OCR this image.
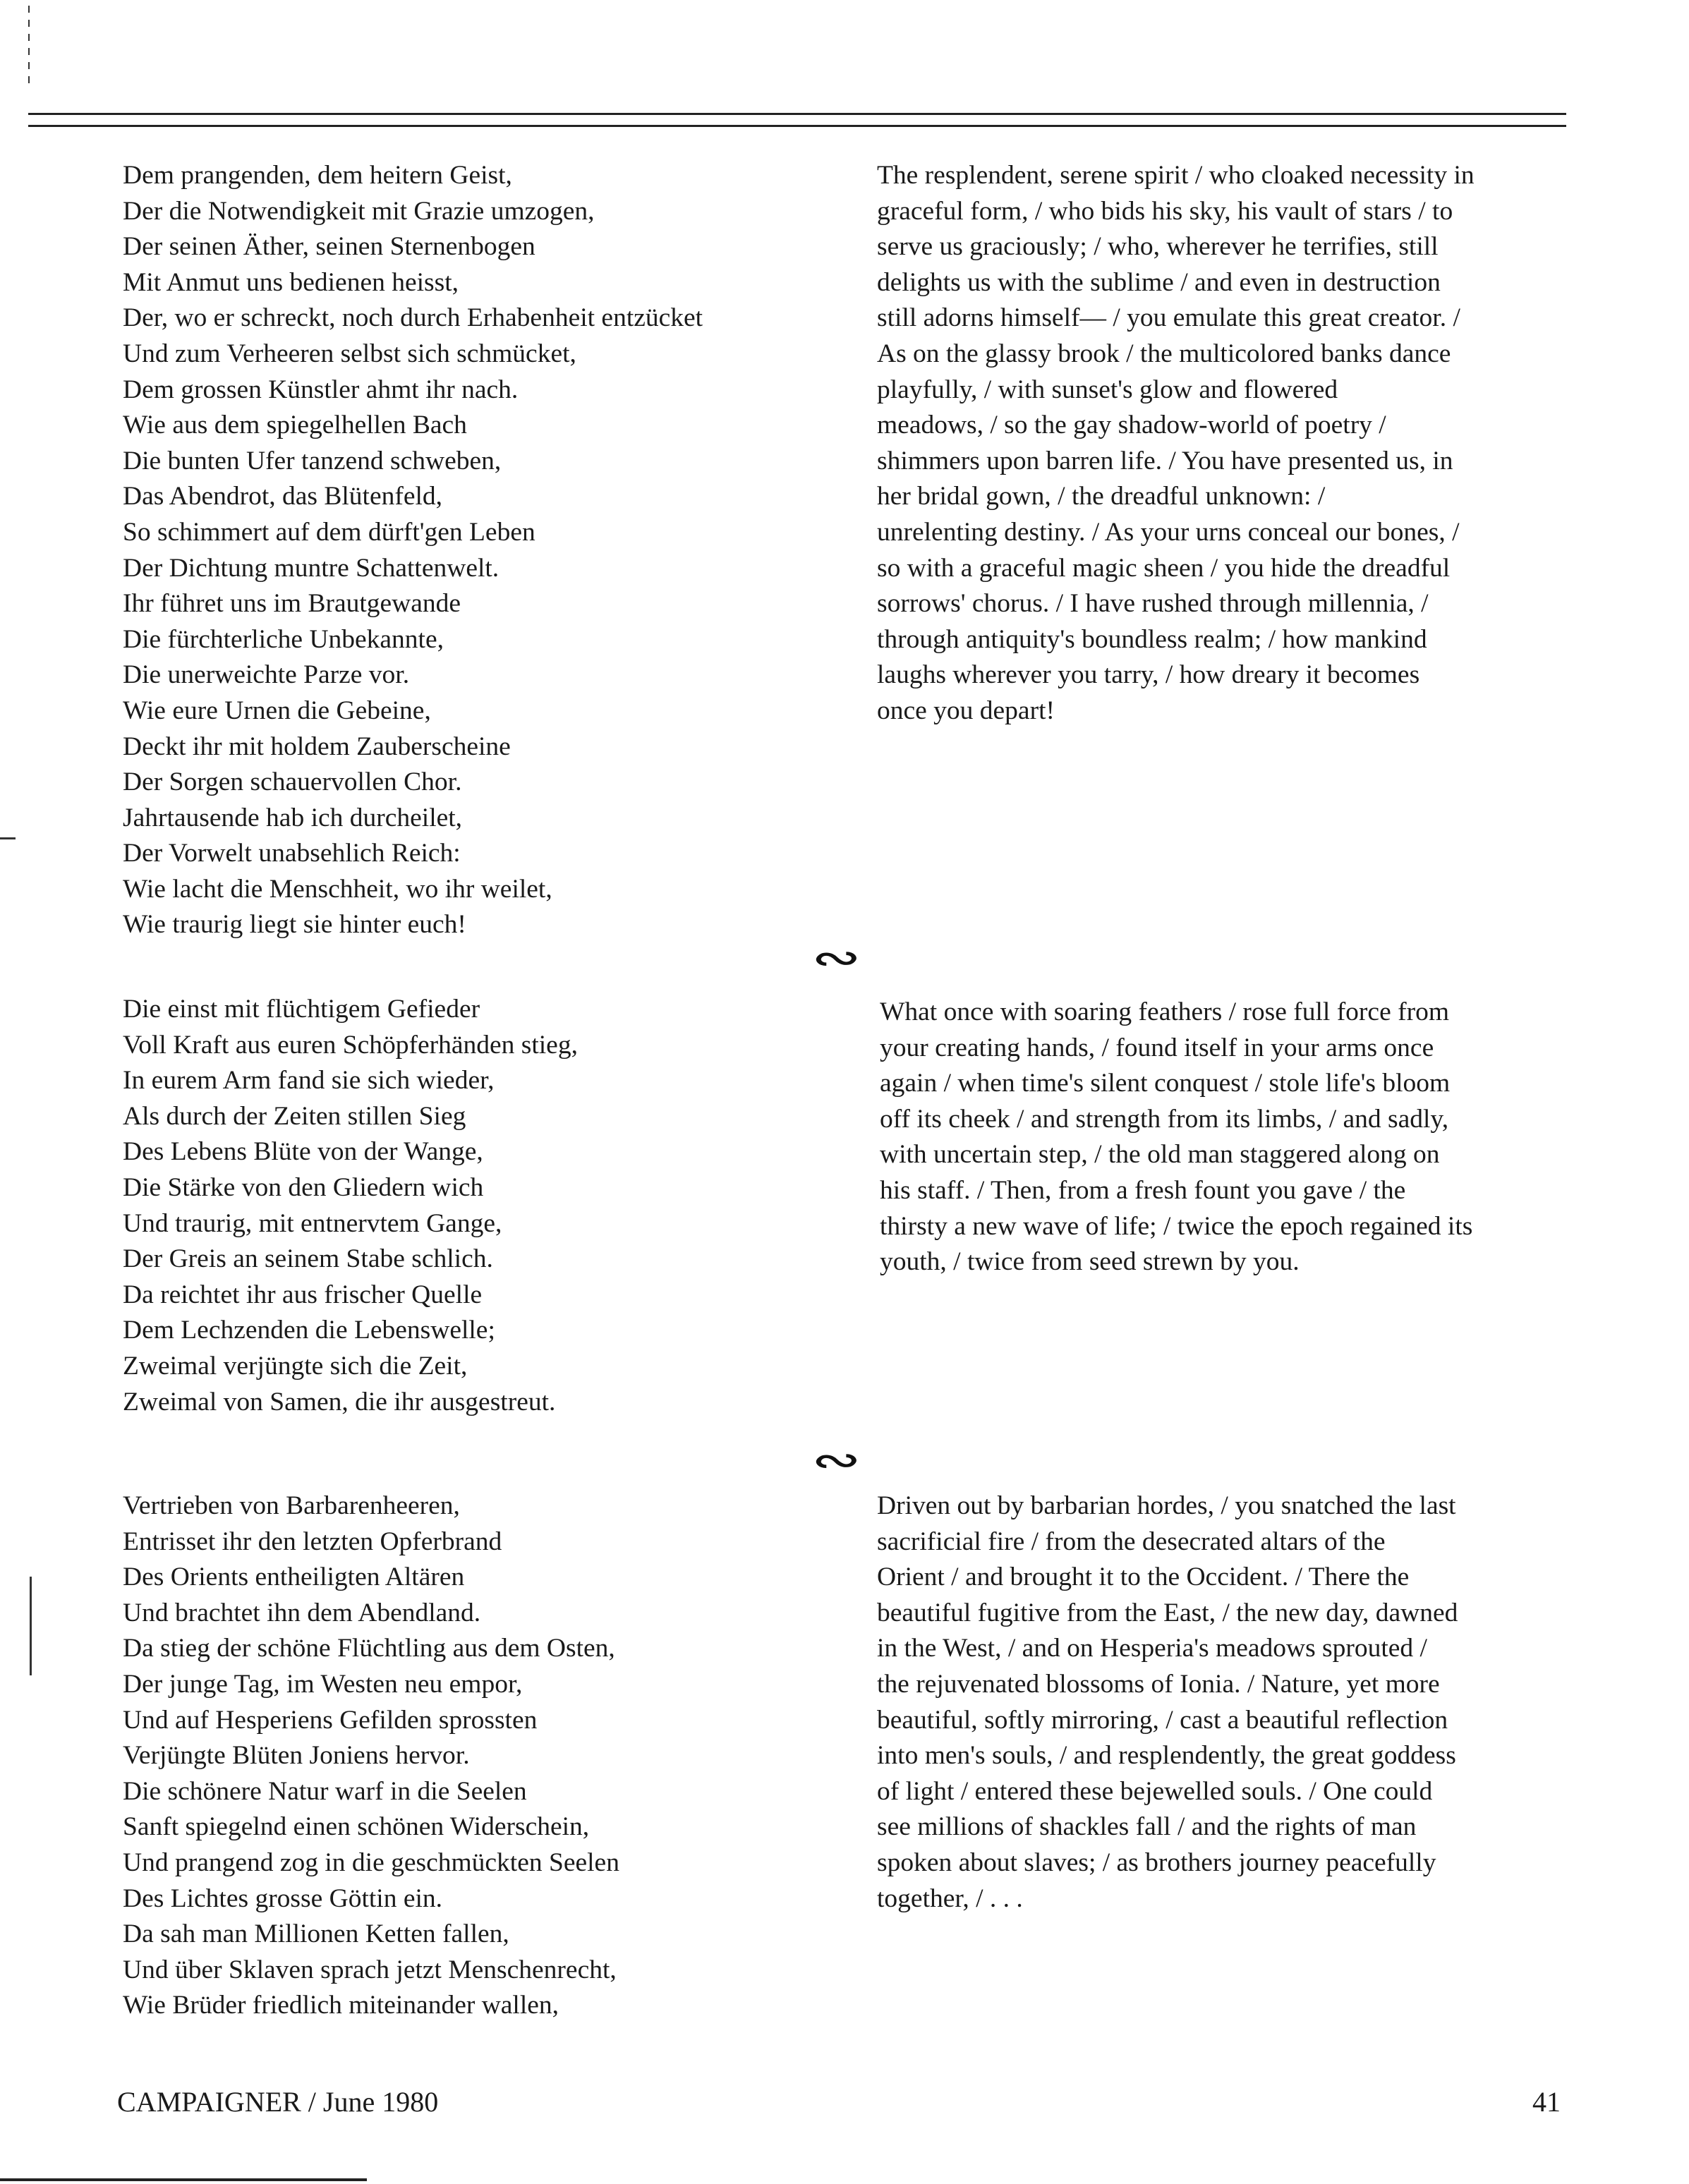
Dem prangenden, dem heitern Geist,
Der die Notwendigkeit mit Grazie umzogen,
Der seinen Äther, seinen Sternenbogen
Mit Anmut uns bedienen heisst,
Der, wo er schreckt, noch durch Erhabenheit entzücket
Und zum Verheeren selbst sich schmücket,
Dem grossen Künstler ahmt ihr nach.
Wie aus dem spiegelhellen Bach
Die bunten Ufer tanzend schweben,
Das Abendrot, das Blütenfeld,
So schimmert auf dem dürft'gen Leben
Der Dichtung muntre Schattenwelt.
Ihr führet uns im Brautgewande
Die fürchterliche Unbekannte,
Die unerweichte Parze vor.
Wie eure Urnen die Gebeine,
Deckt ihr mit holdem Zauberscheine
Der Sorgen schauervollen Chor.
Jahrtausende hab ich durcheilet,
Der Vorwelt unabsehlich Reich:
Wie lacht die Menschheit, wo ihr weilet,
Wie traurig liegt sie hinter euch!
The resplendent, serene spirit / who cloaked necessity in
graceful form, / who bids his sky, his vault of stars / to
serve us graciously; / who, wherever he terrifies, still
delights us with the sublime / and even in destruction
still adorns himself— / you emulate this great creator. /
As on the glassy brook / the multicolored banks dance
playfully, / with sunset's glow and flowered
meadows, / so the gay shadow-world of poetry /
shimmers upon barren life. / You have presented us, in
her bridal gown, / the dreadful unknown: /
unrelenting destiny. / As your urns conceal our bones, /
so with a graceful magic sheen / you hide the dreadful
sorrows' chorus. / I have rushed through millennia, /
through antiquity's boundless realm; / how mankind
laughs wherever you tarry, / how dreary it becomes
once you depart!
∾
Die einst mit flüchtigem Gefieder
Voll Kraft aus euren Schöpferhänden stieg,
In eurem Arm fand sie sich wieder,
Als durch der Zeiten stillen Sieg
Des Lebens Blüte von der Wange,
Die Stärke von den Gliedern wich
Und traurig, mit entnervtem Gange,
Der Greis an seinem Stabe schlich.
Da reichtet ihr aus frischer Quelle
Dem Lechzenden die Lebenswelle;
Zweimal verjüngte sich die Zeit,
Zweimal von Samen, die ihr ausgestreut.
What once with soaring feathers / rose full force from
your creating hands, / found itself in your arms once
again / when time's silent conquest / stole life's bloom
off its cheek / and strength from its limbs, / and sadly,
with uncertain step, / the old man staggered along on
his staff. / Then, from a fresh fount you gave / the
thirsty a new wave of life; / twice the epoch regained its
youth, / twice from seed strewn by you.
∾
Vertrieben von Barbarenheeren,
Entrisset ihr den letzten Opferbrand
Des Orients entheiligten Altären
Und brachtet ihn dem Abendland.
Da stieg der schöne Flüchtling aus dem Osten,
Der junge Tag, im Westen neu empor,
Und auf Hesperiens Gefilden sprossten
Verjüngte Blüten Joniens hervor.
Die schönere Natur warf in die Seelen
Sanft spiegelnd einen schönen Widerschein,
Und prangend zog in die geschmückten Seelen
Des Lichtes grosse Göttin ein.
Da sah man Millionen Ketten fallen,
Und über Sklaven sprach jetzt Menschenrecht,
Wie Brüder friedlich miteinander wallen,
Driven out by barbarian hordes, / you snatched the last
sacrificial fire / from the desecrated altars of the
Orient / and brought it to the Occident. / There the
beautiful fugitive from the East, / the new day, dawned
in the West, / and on Hesperia's meadows sprouted /
the rejuvenated blossoms of Ionia. / Nature, yet more
beautiful, softly mirroring, / cast a beautiful reflection
into men's souls, / and resplendently, the great goddess
of light / entered these bejewelled souls. / One could
see millions of shackles fall / and the rights of man
spoken about slaves; / as brothers journey peacefully
together, / . . .
CAMPAIGNER / June 1980	41
